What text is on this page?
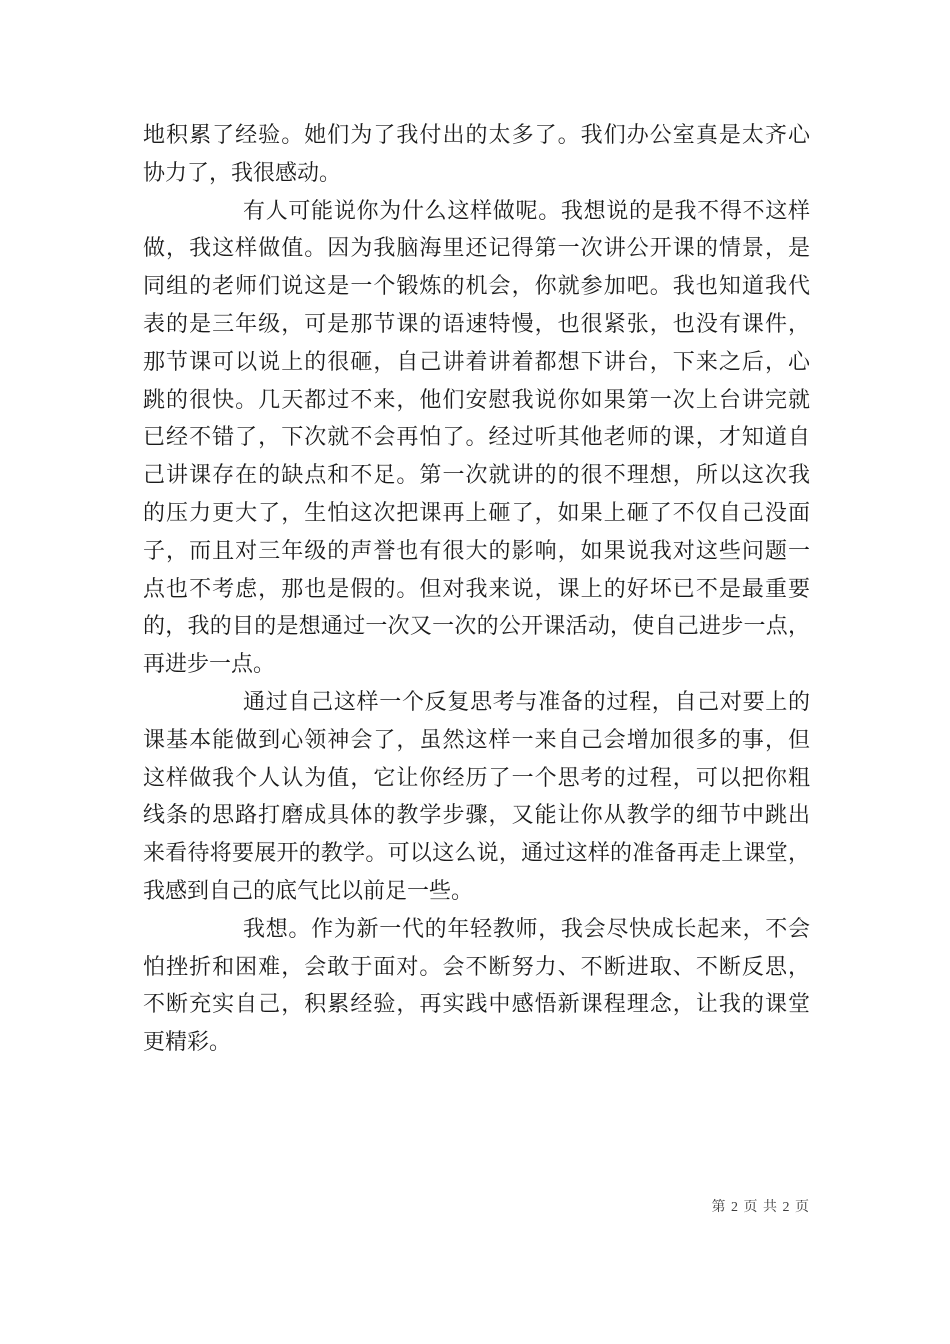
地积累了经验。她们为了我付出的太多了。我们办公室真是太齐心
协力了，我很感动。
有人可能说你为什么这样做呢。我想说的是我不得不这样
做，我这样做值。因为我脑海里还记得第一次讲公开课的情景，是
同组的老师们说这是一个锻炼的机会，你就参加吧。我也知道我代
表的是三年级，可是那节课的语速特慢，也很紧张，也没有课件，
那节课可以说上的很砸，自己讲着讲着都想下讲台，下来之后，心
跳的很快。几天都过不来，他们安慰我说你如果第一次上台讲完就
已经不错了，下次就不会再怕了。经过听其他老师的课，才知道自
己讲课存在的缺点和不足。第一次就讲的的很不理想，所以这次我
的压力更大了，生怕这次把课再上砸了，如果上砸了不仅自己没面
子，而且对三年级的声誉也有很大的影响，如果说我对这些问题一
点也不考虑，那也是假的。但对我来说，课上的好坏已不是最重要
的，我的目的是想通过一次又一次的公开课活动，使自己进步一点，
再进步一点。
通过自己这样一个反复思考与准备的过程，自己对要上的
课基本能做到心领神会了，虽然这样一来自己会增加很多的事，但
这样做我个人认为值，它让你经历了一个思考的过程，可以把你粗
线条的思路打磨成具体的教学步骤，又能让你从教学的细节中跳出
来看待将要展开的教学。可以这么说，通过这样的准备再走上课堂，
我感到自己的底气比以前足一些。
我想。作为新一代的年轻教师，我会尽快成长起来，不会
怕挫折和困难，会敢于面对。会不断努力、不断进取、不断反思，
不断充实自己，积累经验，再实践中感悟新课程理念，让我的课堂
更精彩。
第 2 页 共 2 页
